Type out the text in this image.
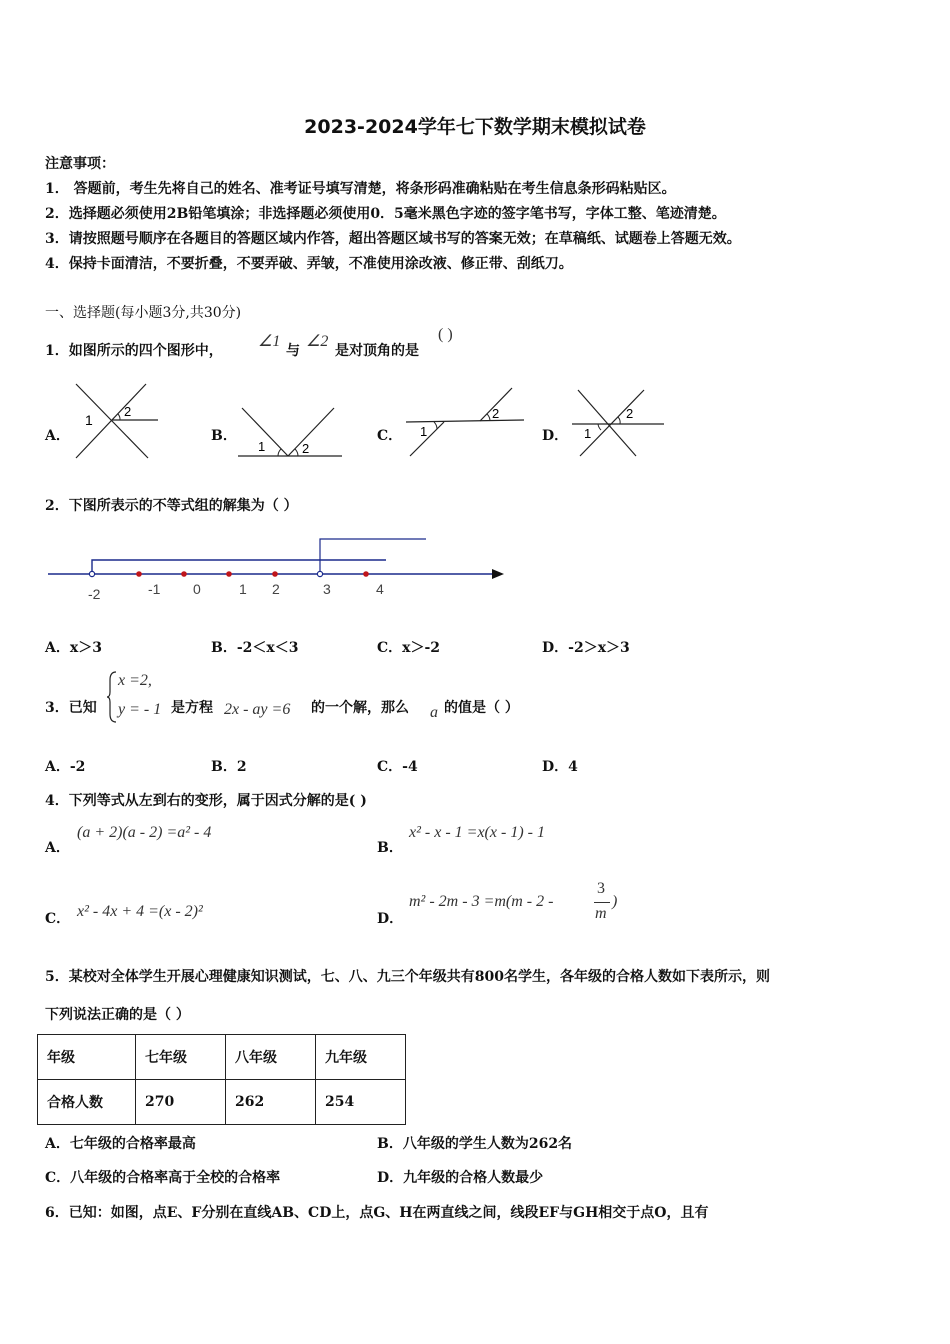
2023-2024学年七下数学期末模拟试卷
注意事项：
1． 答题前，考生先将自己的姓名、准考证号填写清楚，将条形码准确粘贴在考生信息条形码粘贴区。
2．选择题必须使用2B铅笔填涂；非选择题必须使用0．5毫米黑色字迹的签字笔书写，字体工整、笔迹清楚。
3．请按照题号顺序在各题目的答题区域内作答，超出答题区域书写的答案无效；在草稿纸、试题卷上答题无效。
4．保持卡面清洁，不要折叠，不要弄破、弄皱，不准使用涂改液、修正带、刮纸刀。
一、选择题(每小题3分,共30分)
1．如图所示的四个图形中，
∠1
与
∠2
是对顶角的是
( )
A．	B．	C．	D．
1
2
1	2
1
2
1
2
2．下图所表示的不等式组的解集为（ ）
-2	-1 0	1 2	3	4
A．x＞3	B．-2＜x＜3	C．x＞-2	D．-2＞x＞3
3．已知
x =2,
y = - 1 是方程 2x - ay =6 的一个解，那么 a 的值是（ ）
A．-2	B．2	C．-4	D．4
4．下列等式从左到右的变形，属于因式分解的是( )
A．
(a + 2)(a - 2) =a² - 4
B．
x² - x - 1 =x(x - 1) - 1
C． x² - 4x + 4 =(x - 2)²	D．
m² - 2m - 3 =m(m - 2 -
3
m
)
5．某校对全体学生开展心理健康知识测试，七、八、九三个年级共有800名学生，各年级的合格人数如下表所示，则
下列说法正确的是（ ）
年级	七年级	八年级	九年级
合格人数	270	262	254
A．七年级的合格率最高	B．八年级的学生人数为262名
C．八年级的合格率高于全校的合格率	D．九年级的合格人数最少
6．已知：如图，点E、F分别在直线AB、CD上，点G、H在两直线之间，线段EF与GH相交于点O，且有
